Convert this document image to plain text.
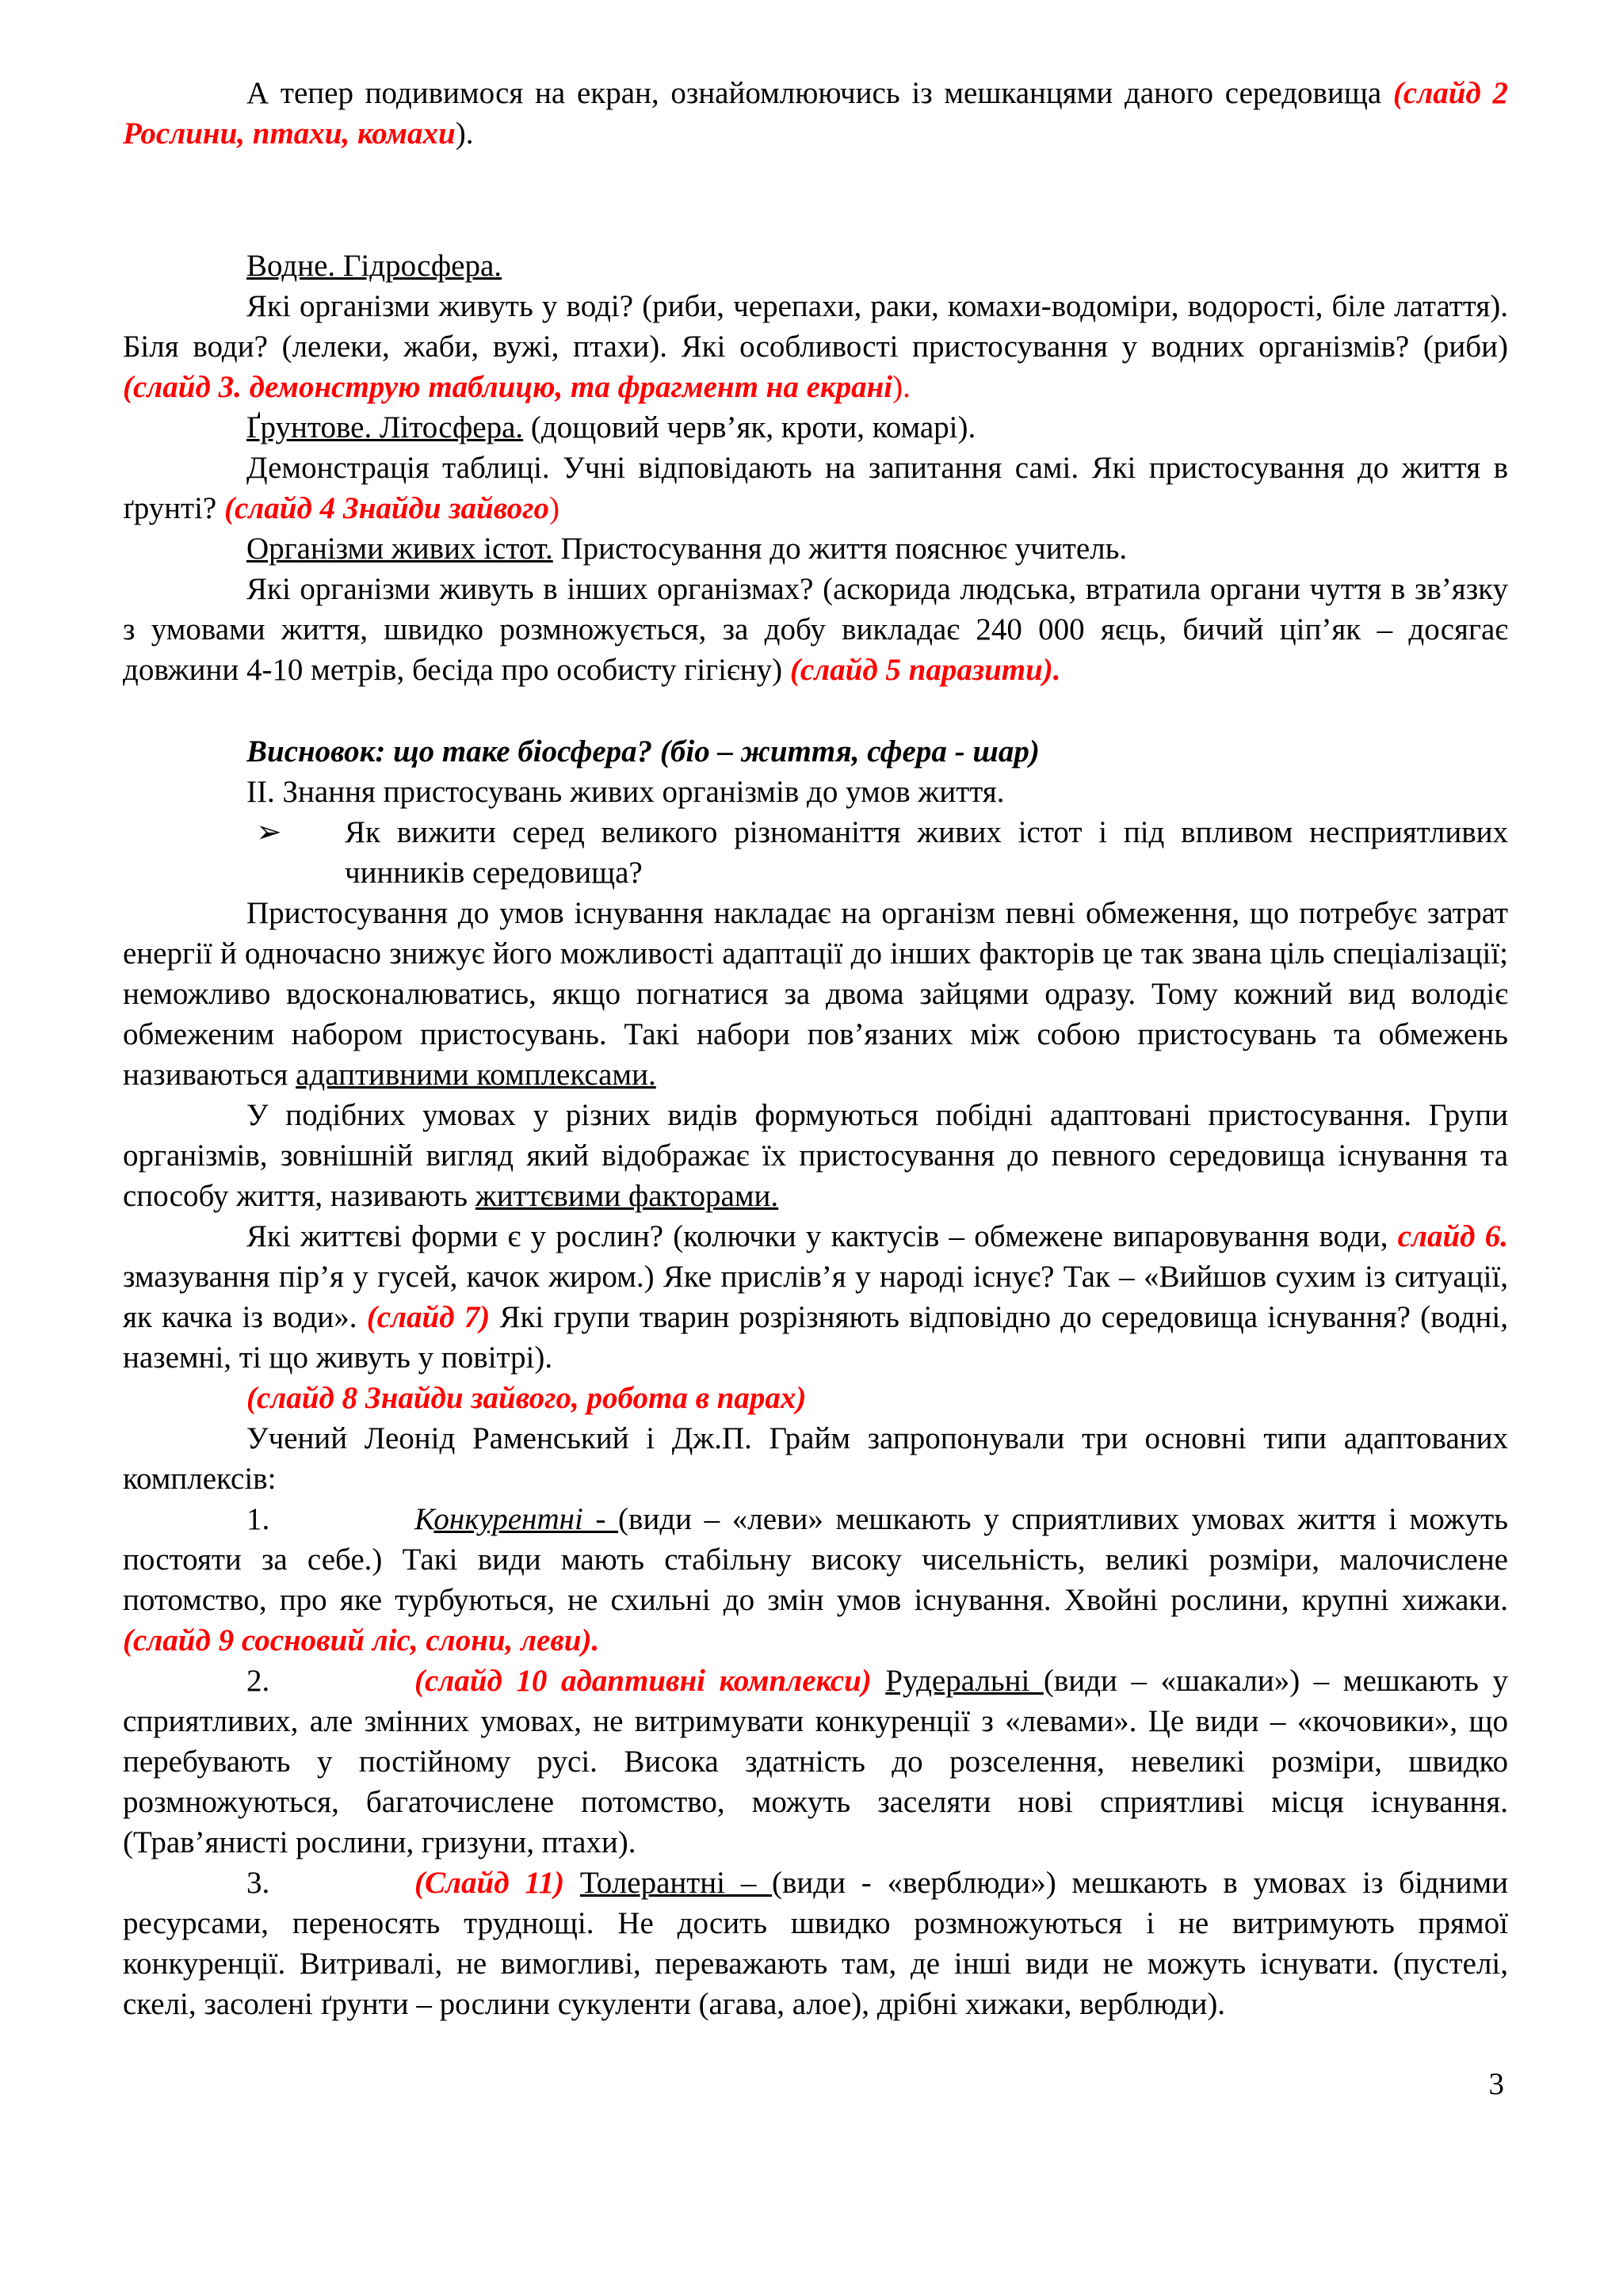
А тепер подивимося на екран, ознайомлюючись із мешканцями даного середовища (слайд 2 Рослини, птахи, комахи).

Водне. Гідросфера.

Які організми живуть у воді? (риби, черепахи, раки, комахи-водоміри, водорості, біле латаття). Біля води? (лелеки, жаби, вужі, птахи). Які особливості пристосування у водних організмів? (риби) (слайд 3. демонструю таблицю, та фрагмент на екрані).

Ґрунтове. Літосфера. (дощовий черв’як, кроти, комарі).

Демонстрація таблиці. Учні відповідають на запитання самі. Які пристосування до життя в ґрунті? (слайд 4 Знайди зайвого)

Організми живих істот. Пристосування до життя пояснює учитель.

Які організми живуть в інших організмах? (аскорида людська, втратила органи чуття в зв’язку з умовами життя, швидко розмножується, за добу викладає 240 000 яєць, бичий ціп’як – досягає довжини 4-10 метрів, бесіда про особисту гігієну) (слайд 5 паразити).

Висновок: що таке біосфера? (біо – життя, сфера - шар)

ІІ. Знання пристосувань живих організмів до умов життя.

➢ Як вижити серед великого різноманіття живих істот і під впливом несприятливих чинників середовища?

Пристосування до умов існування накладає на організм певні обмеження, що потребує затрат енергії й одночасно знижує його можливості адаптації до інших факторів це так звана ціль спеціалізації; неможливо вдосконалюватись, якщо погнатися за двома зайцями одразу. Тому кожний вид володіє обмеженим набором пристосувань. Такі набори пов’язаних між собою пристосувань та обмежень називаються адаптивними комплексами.

У подібних умовах у різних видів формуються побідні адаптовані пристосування. Групи організмів, зовнішній вигляд який відображає їх пристосування до певного середовища існування та способу життя, називають життєвими факторами.

Які життєві форми є у рослин? (колючки у кактусів – обмежене випаровування води, слайд 6. змазування пір’я у гусей, качок жиром.) Яке прислів’я у народі існує? Так – «Вийшов сухим із ситуації, як качка із води». (слайд 7) Які групи тварин розрізняють відповідно до середовища існування? (водні, наземні, ті що живуть у повітрі).

(слайд 8 Знайди зайвого, робота в парах)

Учений Леонід Раменський і Дж.П. Грайм запропонували три основні типи адаптованих комплексів:

1.	Конкурентні - (види – «леви» мешкають у сприятливих умовах життя і можуть постояти за себе.) Такі види мають стабільну високу чисельність, великі розміри, малочислене потомство, про яке турбуються, не схильні до змін умов існування. Хвойні рослини, крупні хижаки. (слайд 9 сосновий ліс, слони, леви).

2.	(слайд 10 адаптивні комплекси) Рудеральні (види – «шакали») – мешкають у сприятливих, але змінних умовах, не витримувати конкуренції з «левами». Це види – «кочовики», що перебувають у постійному русі. Висока здатність до розселення, невеликі розміри, швидко розмножуються, багаточислене потомство, можуть заселяти нові сприятливі місця існування. (Трав’янисті рослини, гризуни, птахи).

3.	(Слайд 11) Толерантні – (види - «верблюди») мешкають в умовах із бідними ресурсами, переносять труднощі. Не досить швидко розмножуються і не витримують прямої конкуренції. Витривалі, не вимогливі, переважають там, де інші види не можуть існувати. (пустелі, скелі, засолені ґрунти – рослини сукуленти (агава, алое), дрібні хижаки, верблюди).

3
